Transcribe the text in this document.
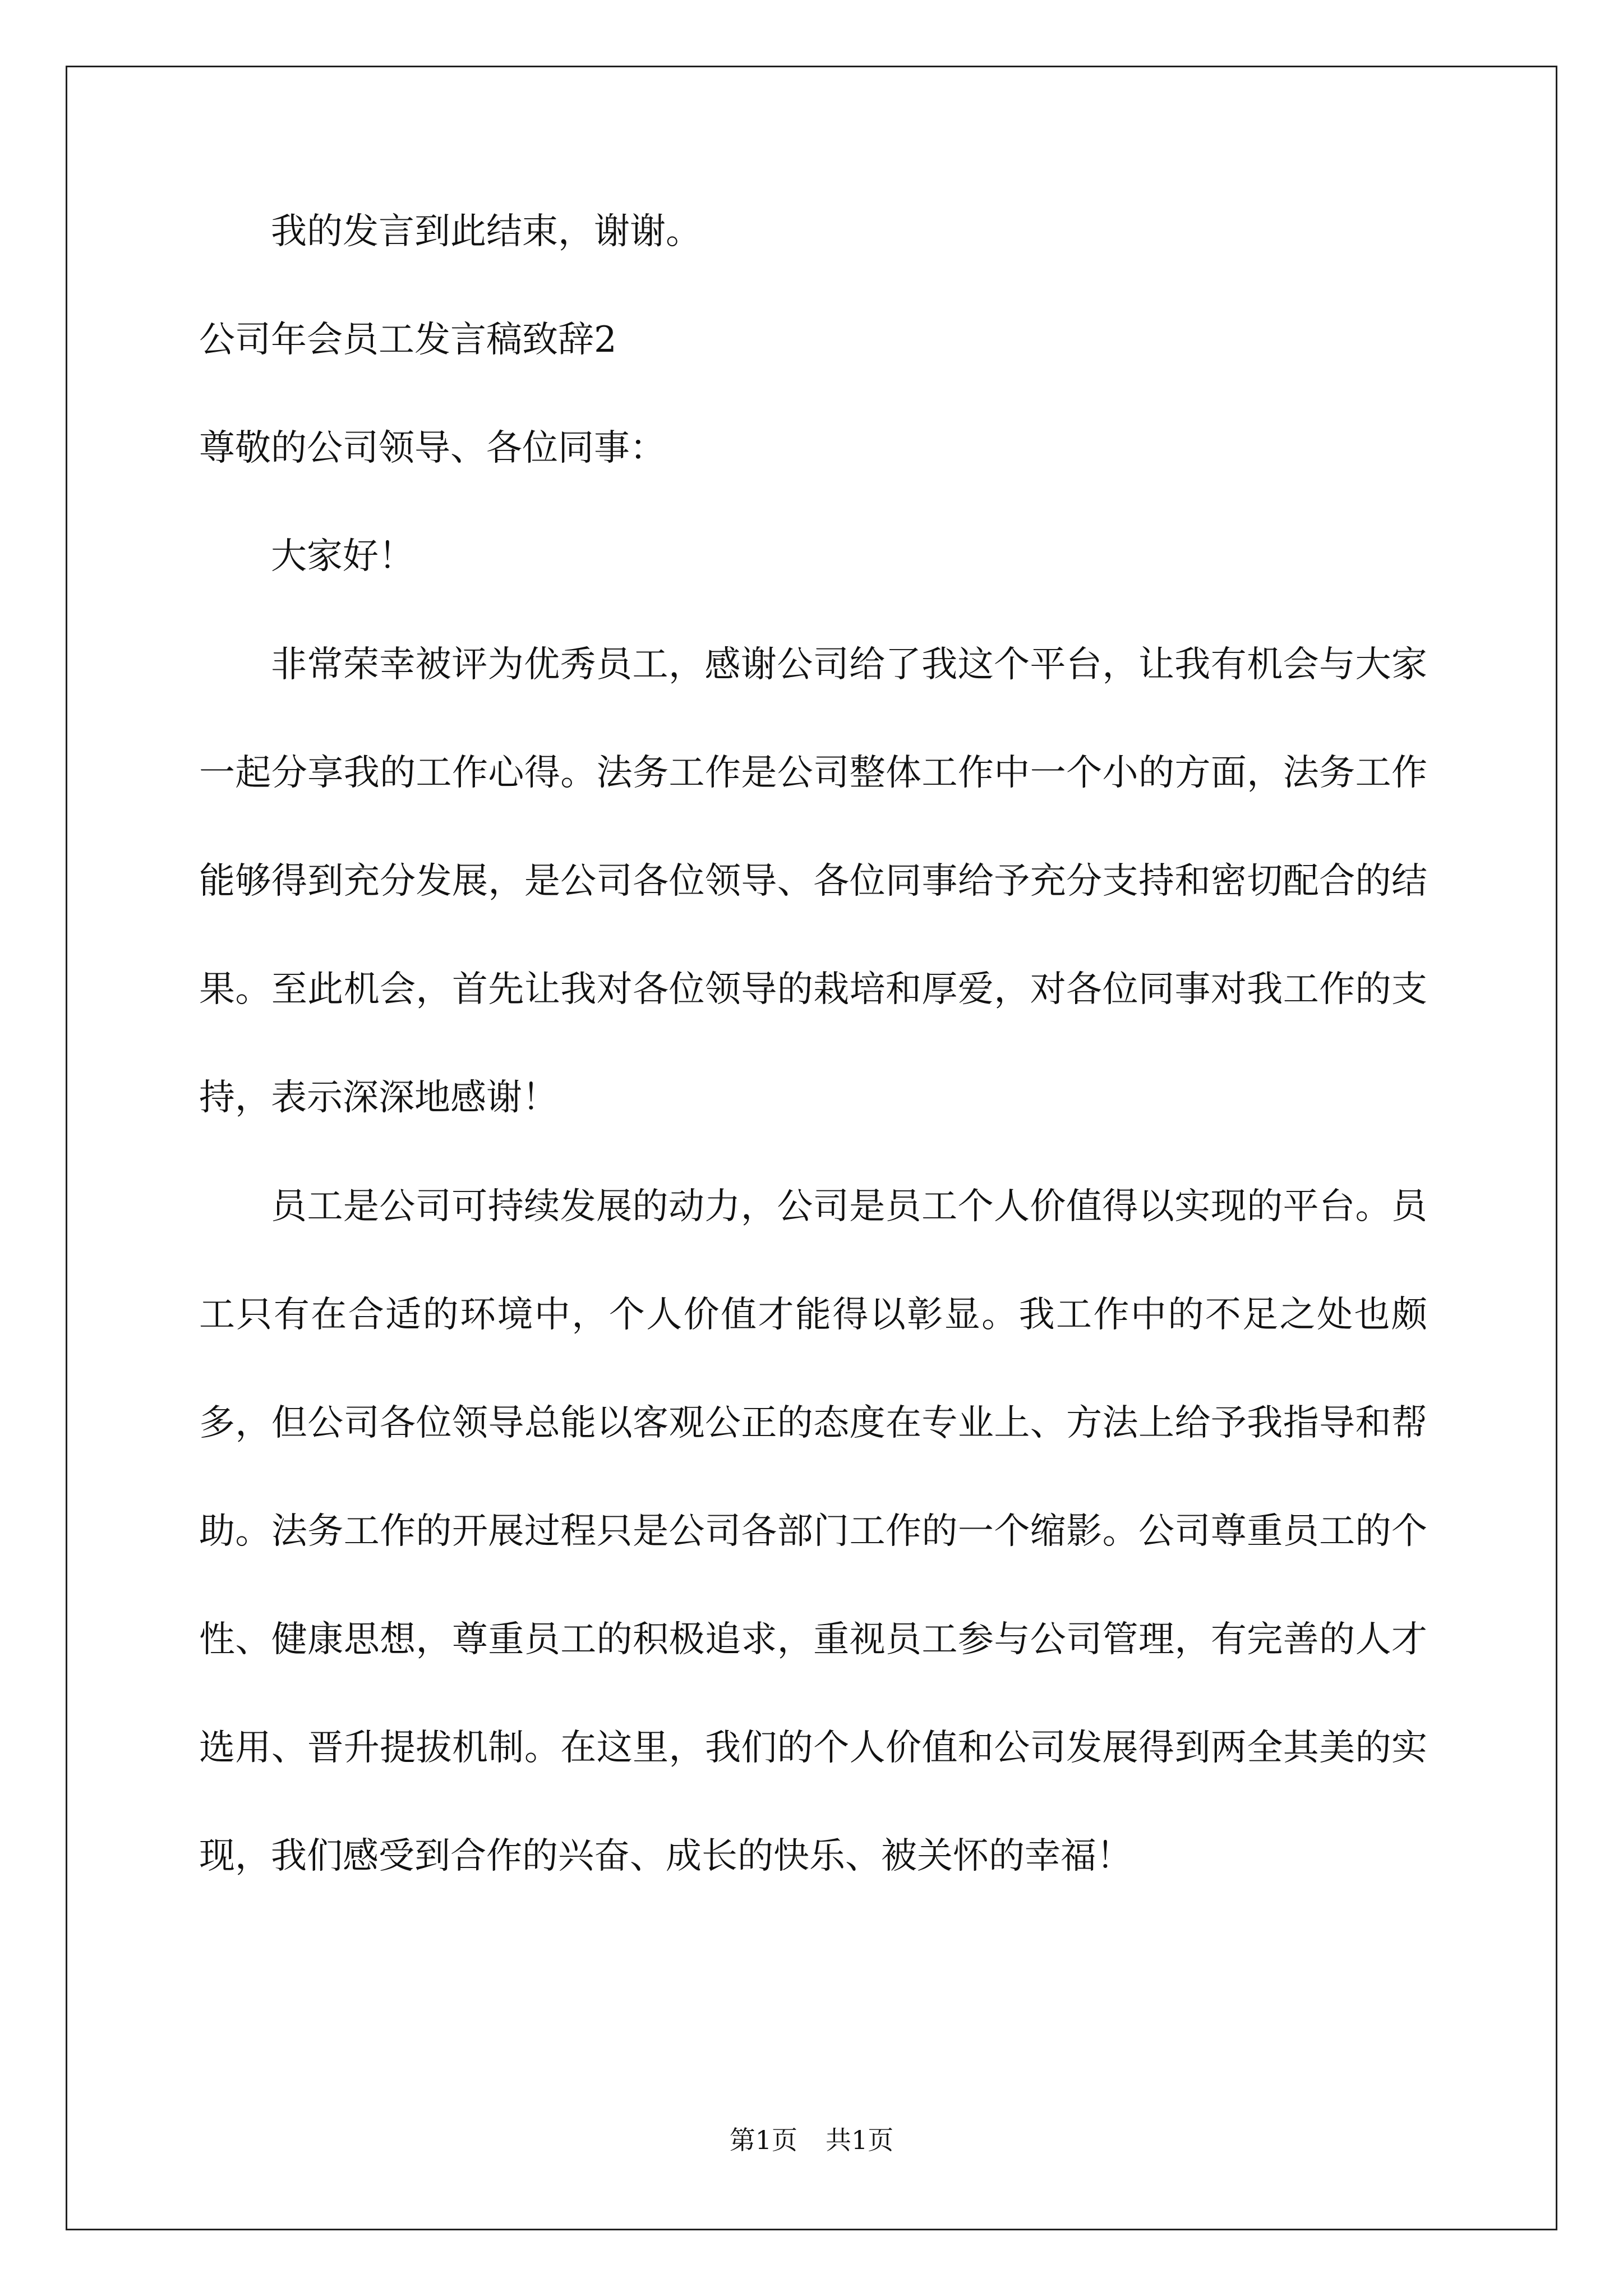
我的发言到此结束，谢谢。
公司年会员工发言稿致辞2
尊敬的公司领导、各位同事：
大家好！
非常荣幸被评为优秀员工，感谢公司给了我这个平台，让我有机会与大家一起分享我的工作心得。法务工作是公司整体工作中一个小的方面，法务工作能够得到充分发展，是公司各位领导、各位同事给予充分支持和密切配合的结果。至此机会，首先让我对各位领导的栽培和厚爱，对各位同事对我工作的支持，表示深深地感谢！
员工是公司可持续发展的动力，公司是员工个人价值得以实现的平台。员工只有在合适的环境中，个人价值才能得以彰显。我工作中的不足之处也颇多，但公司各位领导总能以客观公正的态度在专业上、方法上给予我指导和帮助。法务工作的开展过程只是公司各部门工作的一个缩影。公司尊重员工的个性、健康思想，尊重员工的积极追求，重视员工参与公司管理，有完善的人才选用、晋升提拔机制。在这里，我们的个人价值和公司发展得到两全其美的实现，我们感受到合作的兴奋、成长的快乐、被关怀的幸福！
第1页 共1页
